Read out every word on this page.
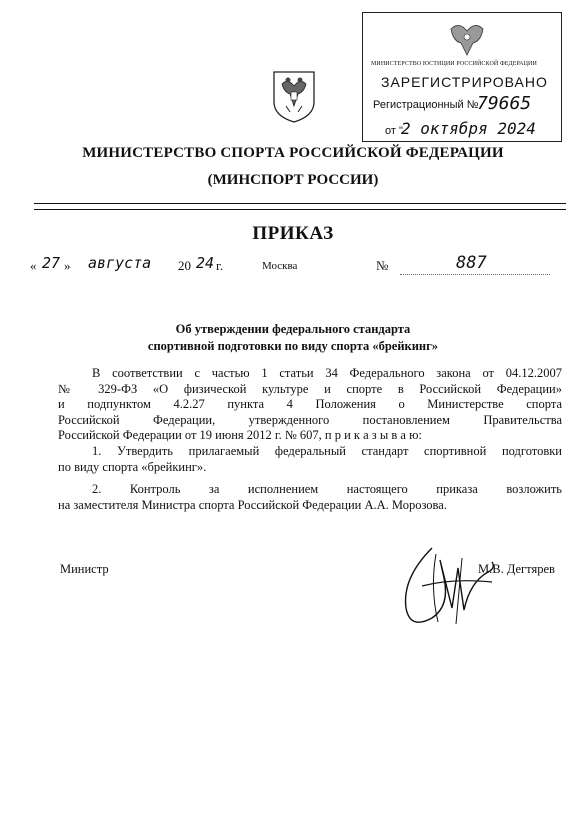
МИНИСТЕРСТВО ЮСТИЦИИ РОССИЙСКОЙ ФЕДЕРАЦИИ
ЗАРЕГИСТРИРОВАНО
Регистрационный №
79665
от "
2 октября 2024
МИНИСТЕРСТВО СПОРТА РОССИЙСКОЙ ФЕДЕРАЦИИ
(МИНСПОРТ РОССИИ)
ПРИКАЗ
« 27 » августа 20 24 г.	Москва	№	887
Об утверждении федерального стандарта
спортивной подготовки по виду спорта «брейкинг»
В соответствии с частью 1 статьи 34 Федерального закона от 04.12.2007
№ 329-ФЗ «О физической культуре и спорте в Российской Федерации»
и подпунктом 4.2.27 пункта 4 Положения о Министерстве спорта
Российской Федерации, утвержденного постановлением Правительства
Российской Федерации от 19 июня 2012 г. № 607, п р и к а з ы в а ю:
1. Утвердить прилагаемый федеральный стандарт спортивной подготовки
по виду спорта «брейкинг».
2. Контроль за исполнением настоящего приказа возложить
на заместителя Министра спорта Российской Федерации А.А. Морозова.
Министр	М.В. Дегтярев
